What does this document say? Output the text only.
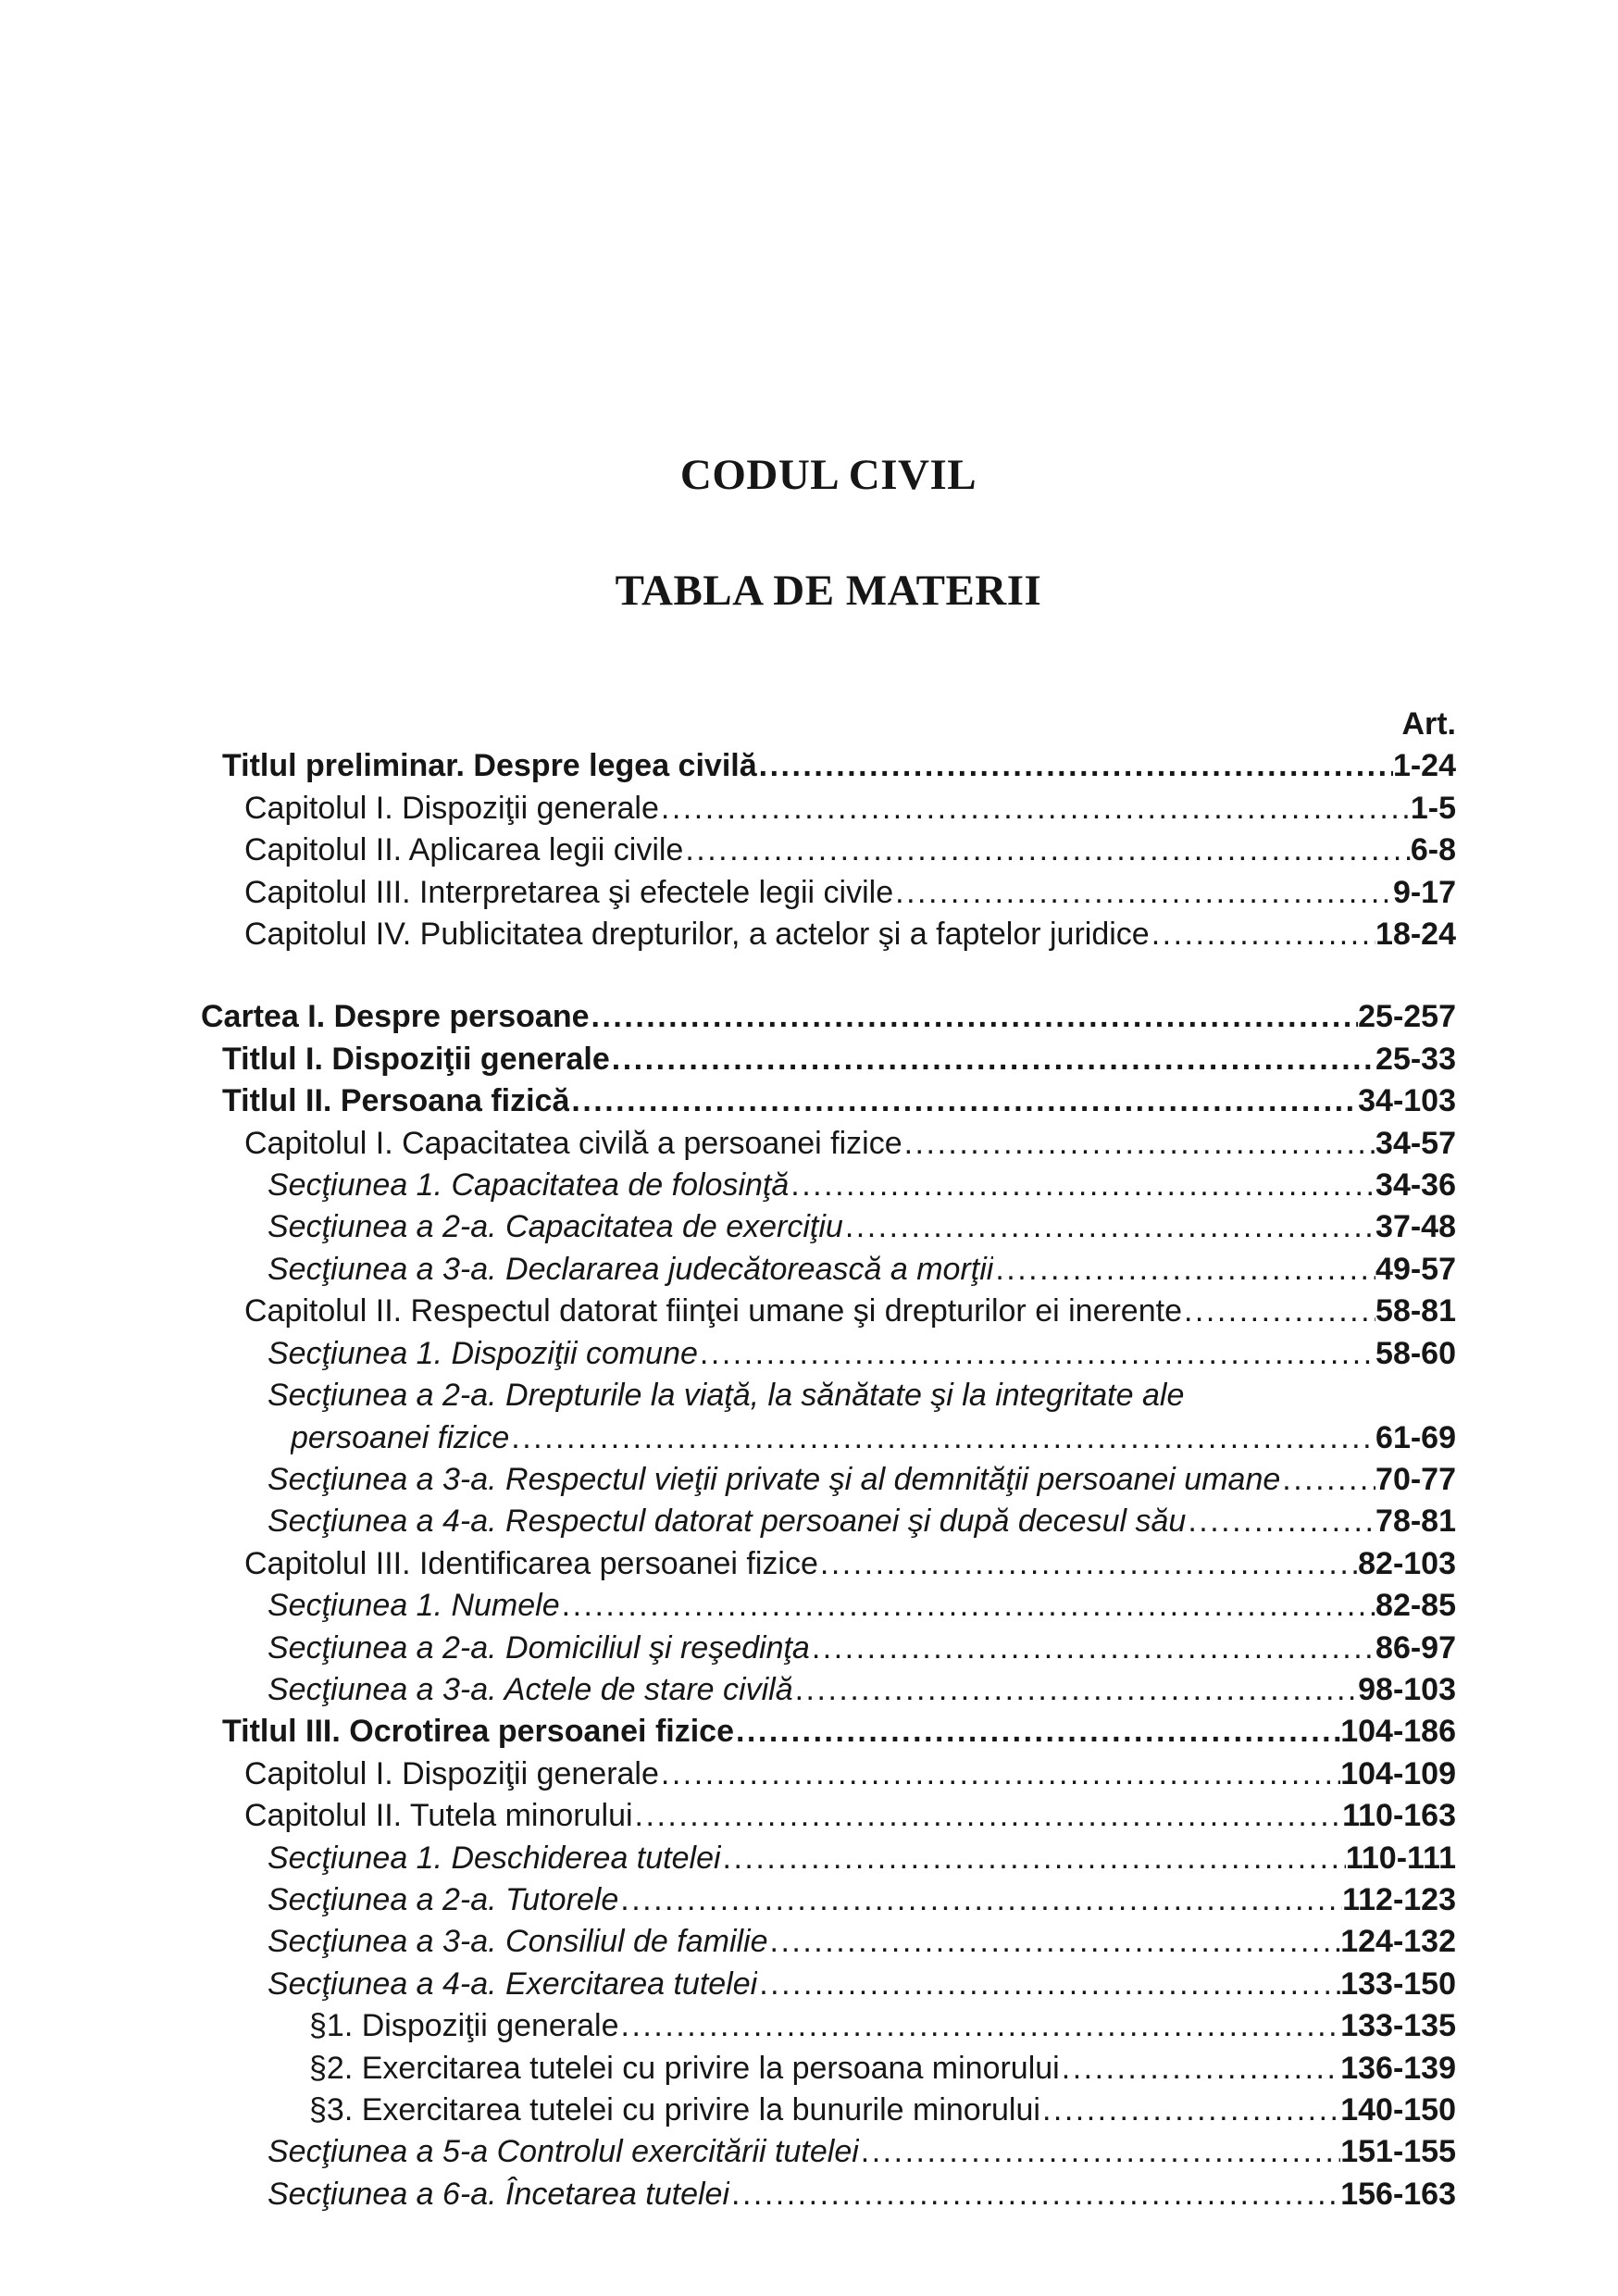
CODUL CIVIL
TABLA DE MATERII
Art.
Titlul preliminar. Despre legea civilă .....	1-24
Capitolul I. Dispoziţii generale .....	1-5
Capitolul II. Aplicarea legii civile .....	6-8
Capitolul III. Interpretarea şi efectele legii civile .....	9-17
Capitolul IV. Publicitatea drepturilor, a actelor şi a faptelor juridice .....	18-24
Cartea I. Despre persoane .....	25-257
Titlul I. Dispoziţii generale .....	25-33
Titlul II. Persoana fizică .....	34-103
Capitolul I. Capacitatea civilă a persoanei fizice .....	34-57
Secţiunea 1. Capacitatea de folosinţă .....	34-36
Secţiunea a 2-a. Capacitatea de exerciţiu .....	37-48
Secţiunea a 3-a. Declararea judecătorească a morţii .....	49-57
Capitolul II. Respectul datorat fiinţei umane şi drepturilor ei inerente .....	58-81
Secţiunea 1. Dispoziţii comune .....	58-60
Secţiunea a 2-a. Drepturile la viaţă, la sănătate şi la integritate ale
persoanei fizice .....	61-69
Secţiunea a 3-a. Respectul vieţii private şi al demnităţii persoanei umane .....	70-77
Secţiunea a 4-a. Respectul datorat persoanei şi după decesul său .....	78-81
Capitolul III. Identificarea persoanei fizice .....	82-103
Secţiunea 1. Numele .....	82-85
Secţiunea a 2-a. Domiciliul şi reşedinţa .....	86-97
Secţiunea a 3-a. Actele de stare civilă .....	98-103
Titlul III. Ocrotirea persoanei fizice .....	104-186
Capitolul I. Dispoziţii generale .....	104-109
Capitolul II. Tutela minorului .....	110-163
Secţiunea 1. Deschiderea tutelei .....	110-111
Secţiunea a 2-a. Tutorele .....	112-123
Secţiunea a 3-a. Consiliul de familie .....	124-132
Secţiunea a 4-a. Exercitarea tutelei .....	133-150
§1. Dispoziţii generale .....	133-135
§2. Exercitarea tutelei cu privire la persoana minorului .....	136-139
§3. Exercitarea tutelei cu privire la bunurile minorului .....	140-150
Secţiunea a 5-a Controlul exercitării tutelei .....	151-155
Secţiunea a 6-a. Încetarea tutelei .....	156-163
